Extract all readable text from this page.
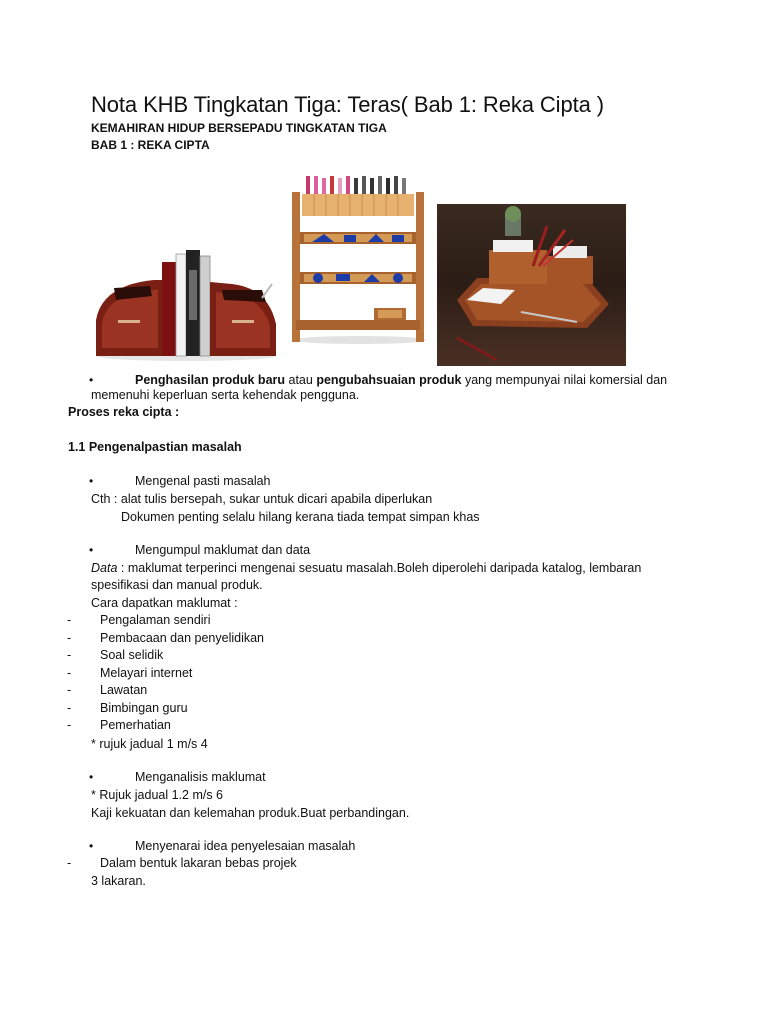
Nota KHB Tingkatan Tiga: Teras( Bab 1: Reka Cipta )
KEMAHIRAN HIDUP BERSEPADU TINGKATAN TIGA
BAB 1 : REKA CIPTA
•	Penghasilan produk baru atau pengubahsuaian produk yang mempunyai nilai komersial dan
memenuhi keperluan serta kehendak pengguna.
Proses reka cipta :
1.1 Pengenalpastian masalah
•	Mengenal pasti masalah
Cth : alat tulis bersepah, sukar untuk dicari apabila diperlukan
Dokumen penting selalu hilang kerana tiada tempat simpan khas
•	Mengumpul maklumat dan data
Data : maklumat terperinci mengenai sesuatu masalah.Boleh diperolehi daripada katalog, lembaran
spesifikasi dan manual produk.
Cara dapatkan maklumat :
- Pengalaman sendiri
- Pembacaan dan penyelidikan
- Soal selidik
- Melayari internet
- Lawatan
- Bimbingan guru
- Pemerhatian
* rujuk jadual 1 m/s 4
•	Menganalisis maklumat
* Rujuk jadual 1.2 m/s 6
Kaji kekuatan dan kelemahan produk.Buat perbandingan.
•	Menyenarai idea penyelesaian masalah
- Dalam bentuk lakaran bebas projek
3 lakaran.
